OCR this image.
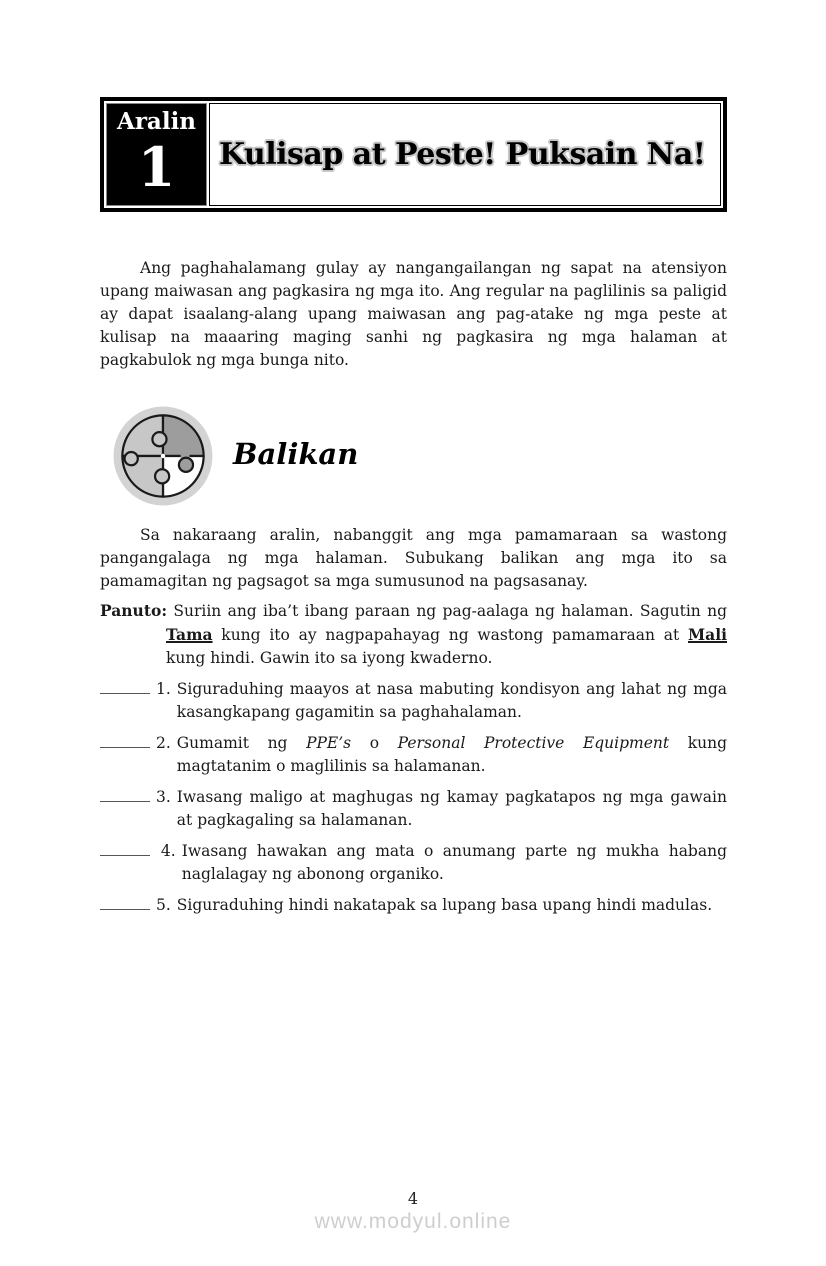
Aralin
1 Kulisap at Peste! Puksain Na!

Ang paghahalamang gulay ay nangangailangan ng sapat na atensiyon upang maiwasan ang pagkasira ng mga ito. Ang regular na paglilinis sa paligid ay dapat isaalang-alang upang maiwasan ang pag-atake ng mga peste at kulisap na maaaring maging sanhi ng pagkasira ng mga halaman at pagkabulok ng mga bunga nito.

Balikan

Sa nakaraang aralin, nabanggit ang mga pamamaraan sa wastong pangangalaga ng mga halaman. Subukang balikan ang mga ito sa pamamagitan ng pagsagot sa mga sumusunod na pagsasanay.

Panuto: Suriin ang iba’t ibang paraan ng pag-aalaga ng halaman. Sagutin ng Tama kung ito ay nagpapahayag ng wastong pamamaraan at Mali kung hindi. Gawin ito sa iyong kwaderno.
1. Siguraduhing maayos at nasa mabuting kondisyon ang lahat ng mga kasangkapang gagamitin sa paghahalaman.
2. Gumamit ng PPE’s o Personal Protective Equipment kung magtatanim o maglilinis sa halamanan.
3. Iwasang maligo at maghugas ng kamay pagkatapos ng mga gawain at pagkagaling sa halamanan.
4. Iwasang hawakan ang mata o anumang parte ng mukha habang naglalagay ng abonong organiko.
5. Siguraduhing hindi nakatapak sa lupang basa upang hindi madulas.
4
www.modyul.online
